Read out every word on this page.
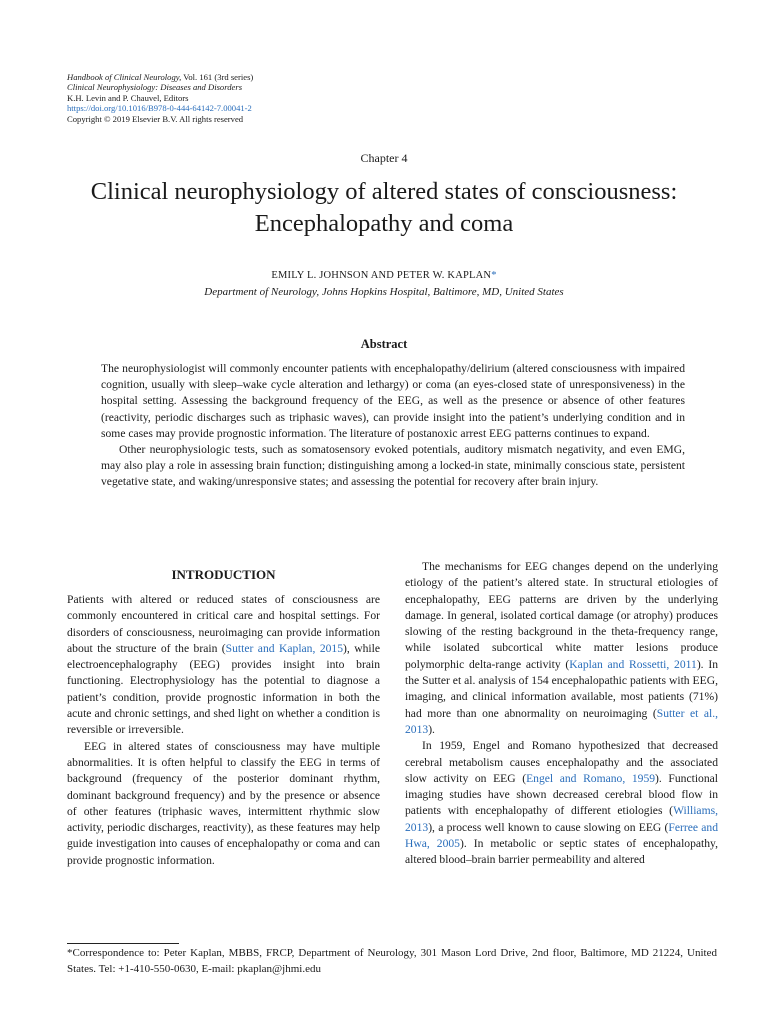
Handbook of Clinical Neurology, Vol. 161 (3rd series)
Clinical Neurophysiology: Diseases and Disorders
K.H. Levin and P. Chauvel, Editors
https://doi.org/10.1016/B978-0-444-64142-7.00041-2
Copyright © 2019 Elsevier B.V. All rights reserved
Chapter 4
Clinical neurophysiology of altered states of consciousness:
Encephalopathy and coma
EMILY L. JOHNSON AND PETER W. KAPLAN*
Department of Neurology, Johns Hopkins Hospital, Baltimore, MD, United States
Abstract

The neurophysiologist will commonly encounter patients with encephalopathy/delirium (altered consciousness with impaired cognition, usually with sleep–wake cycle alteration and lethargy) or coma (an eyes-closed state of unresponsiveness) in the hospital setting. Assessing the background frequency of the EEG, as well as the presence or absence of other features (reactivity, periodic discharges such as triphasic waves), can provide insight into the patient’s underlying condition and in some cases may provide prognostic information. The literature of postanoxic arrest EEG patterns continues to expand.

Other neurophysiologic tests, such as somatosensory evoked potentials, auditory mismatch negativity, and even EMG, may also play a role in assessing brain function; distinguishing among a locked-in state, minimally conscious state, persistent vegetative state, and waking/unresponsive states; and assessing the potential for recovery after brain injury.

INTRODUCTION

Patients with altered or reduced states of consciousness are commonly encountered in critical care and hospital settings. For disorders of consciousness, neuroimaging can provide information about the structure of the brain (Sutter and Kaplan, 2015), while electroencephalography (EEG) provides insight into brain functioning. Electrophysiology has the potential to diagnose a patient’s condition, provide prognostic information in both the acute and chronic settings, and shed light on whether a condition is reversible or irreversible.

EEG in altered states of consciousness may have multiple abnormalities. It is often helpful to classify the EEG in terms of background (frequency of the posterior dominant rhythm, dominant background frequency) and by the presence or absence of other features (triphasic waves, intermittent rhythmic slow activity, periodic discharges, reactivity), as these features may help guide investigation into causes of encephalopathy or coma and can provide prognostic information.

The mechanisms for EEG changes depend on the underlying etiology of the patient’s altered state. In structural etiologies of encephalopathy, EEG patterns are driven by the underlying damage. In general, isolated cortical damage (or atrophy) produces slowing of the resting background in the theta-frequency range, while isolated subcortical white matter lesions produce polymorphic delta-range activity (Kaplan and Rossetti, 2011). In the Sutter et al. analysis of 154 encephalopathic patients with EEG, imaging, and clinical information available, most patients (71%) had more than one abnormality on neuroimaging (Sutter et al., 2013).

In 1959, Engel and Romano hypothesized that decreased cerebral metabolism causes encephalopathy and the associated slow activity on EEG (Engel and Romano, 1959). Functional imaging studies have shown decreased cerebral blood flow in patients with encephalopathy of different etiologies (Williams, 2013), a process well known to cause slowing on EEG (Ferree and Hwa, 2005). In metabolic or septic states of encephalopathy, altered blood–brain barrier permeability and altered

*Correspondence to: Peter Kaplan, MBBS, FRCP, Department of Neurology, 301 Mason Lord Drive, 2nd floor, Baltimore, MD 21224, United States. Tel: +1-410-550-0630, E-mail: pkaplan@jhmi.edu
